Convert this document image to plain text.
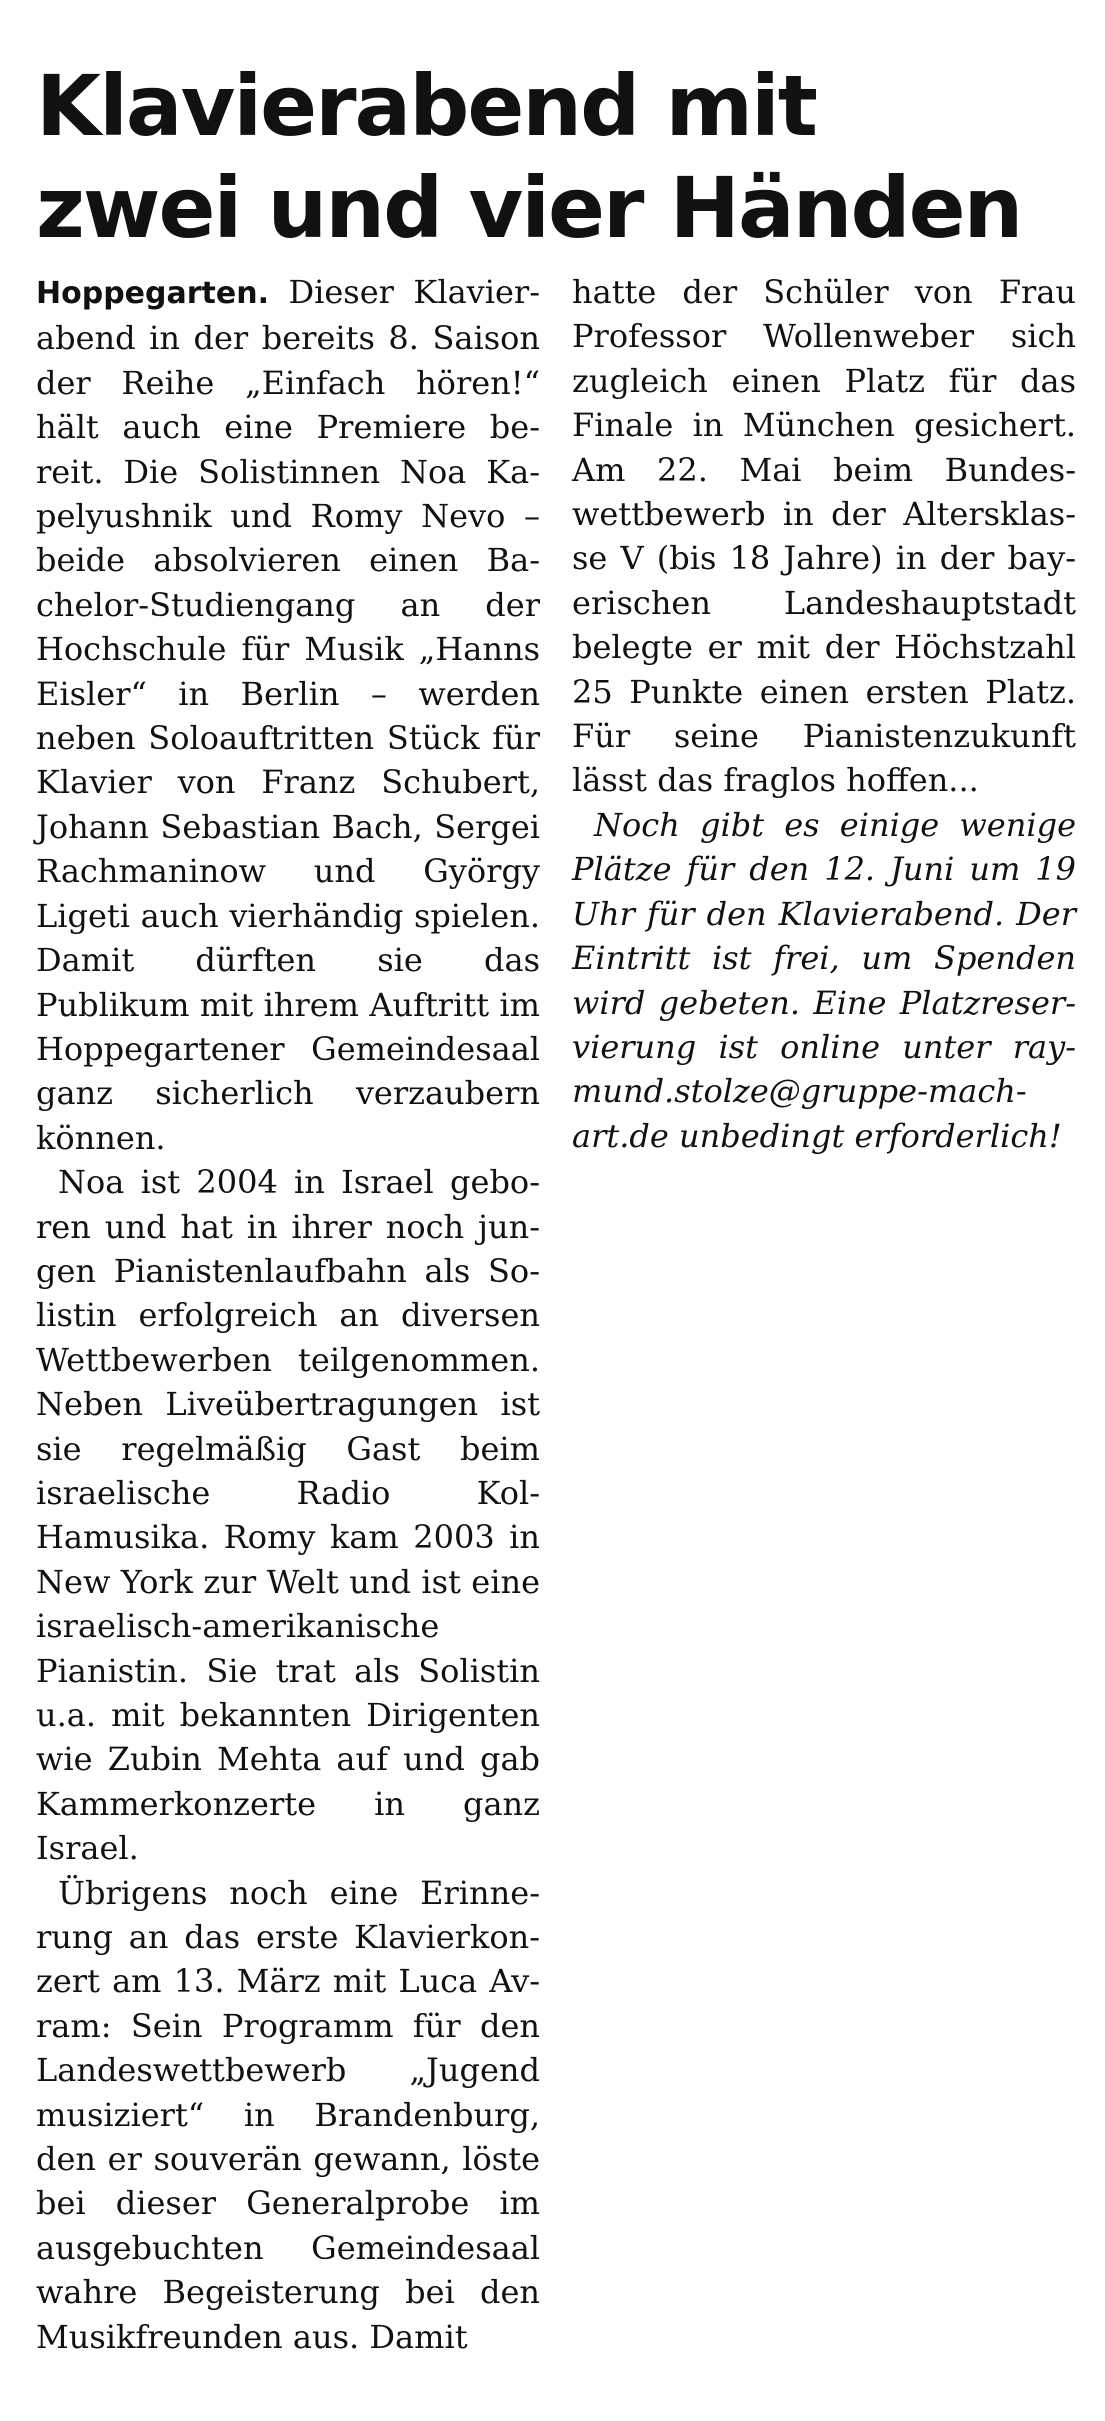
Klavierabend mit
zwei und vier Händen

Hoppegarten. Dieser Klavierabend in der bereits 8. Saison der Reihe „Einfach hören!“ hält auch eine Premiere bereit. Die Solistinnen Noa Kapelyushnik und Romy Nevo – beide absolvieren einen Bachelor-Studiengang an der Hochschule für Musik „Hanns Eisler“ in Berlin – werden neben Soloauftritten Stück für Klavier von Franz Schubert, Johann Sebastian Bach, Sergei Rachmaninow und György Ligeti auch vierhändig spielen. Damit dürften sie das Publikum mit ihrem Auftritt im Hoppegartener Gemeindesaal ganz sicherlich verzaubern können.

Noa ist 2004 in Israel geboren und hat in ihrer noch jungen Pianistenlaufbahn als Solistin erfolgreich an diversen Wettbewerben teilgenommen. Neben Liveübertragungen ist sie regelmäßig Gast beim israelische Radio Kol-Hamusika. Romy kam 2003 in New York zur Welt und ist eine israelisch-amerikanische Pianistin. Sie trat als Solistin u.a. mit bekannten Dirigenten wie Zubin Mehta auf und gab Kammerkonzerte in ganz Israel.

Übrigens noch eine Erinnerung an das erste Klavierkonzert am 13. März mit Luca Avram: Sein Programm für den Landeswettbewerb „Jugend musiziert“ in Brandenburg, den er souverän gewann, löste bei dieser Generalprobe im ausgebuchten Gemeindesaal wahre Begeisterung bei den Musikfreunden aus. Damit

hatte der Schüler von Frau Professor Wollenweber sich zugleich einen Platz für das Finale in München gesichert. Am 22. Mai beim Bundeswettbewerb in der Altersklasse V (bis 18 Jahre) in der bayerischen Landeshauptstadt belegte er mit der Höchstzahl 25 Punkte einen ersten Platz. Für seine Pianistenzukunft lässt das fraglos hoffen...

Noch gibt es einige wenige Plätze für den 12. Juni um 19 Uhr für den Klavierabend. Der Eintritt ist frei, um Spenden wird gebeten. Eine Platzreservierung ist online unter raymund.stolze@gruppe-machart.de unbedingt erforderlich!
